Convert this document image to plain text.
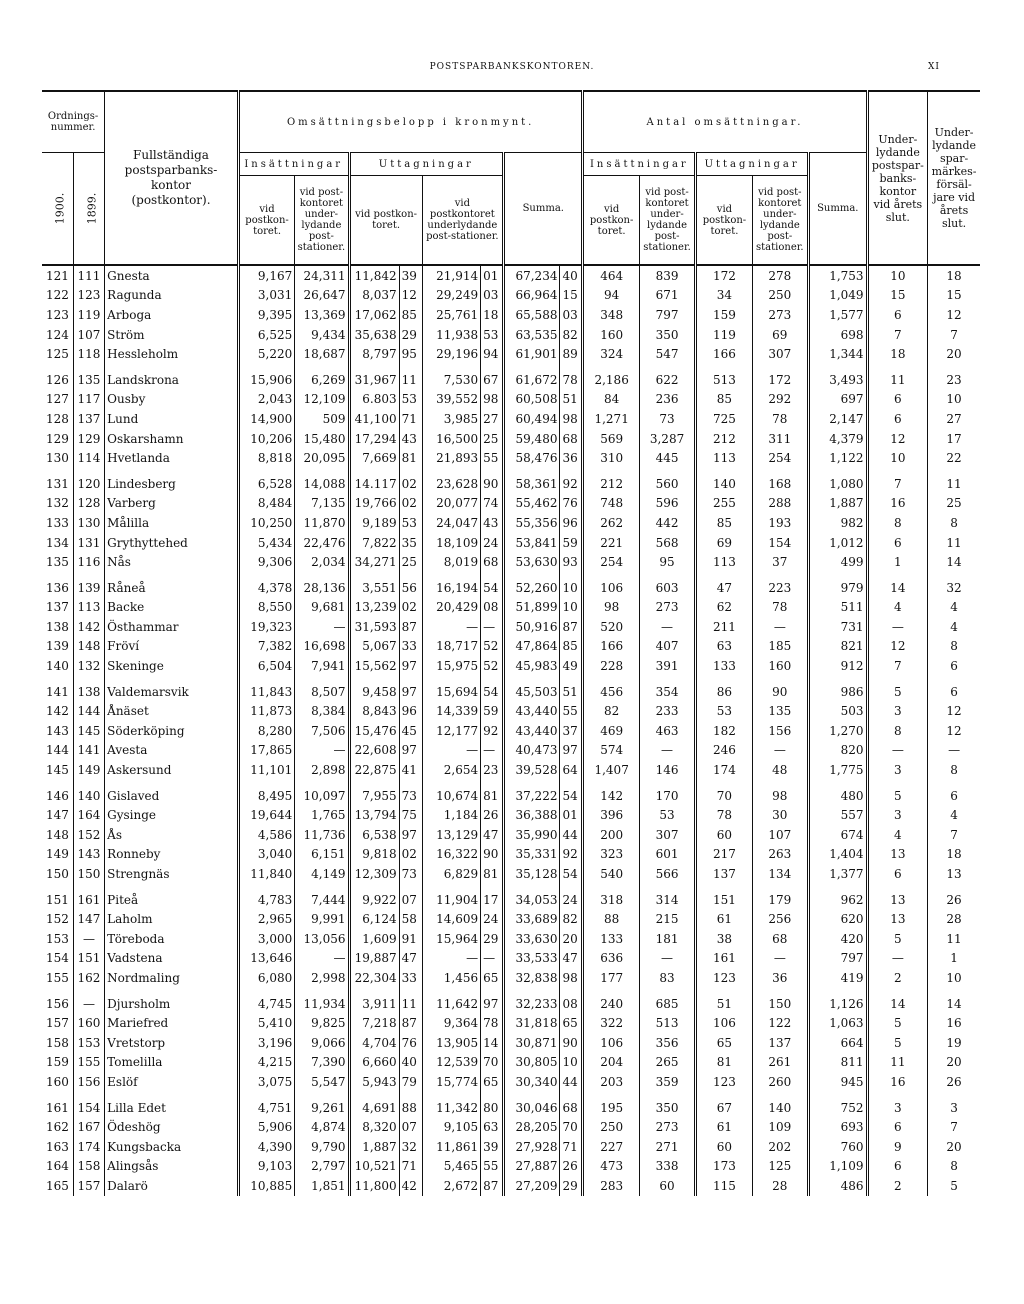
POSTSPARBANKSKONTOREN.	XI
Ordnings-nummer.		Fullständiga postsparbanks-kontor (postkontor).	Omsättningsbelopp i kronmynt.								Antal omsättningar.					Under-lydande postspar-banks-kontor vid årets slut.	Under-lydande spar-märkes-försäl-jare vid årets slut.
1900.	1899.		Insättningar		Uttagningar				Summa.		Insättningar		Uttagningar		Summa.		
			vid postkon-toret.	vid post-kontoret under-lydande post-stationer.	vid postkon-toret.		vid postkontoret underlydande post-stationer.				vid postkon-toret.	vid post-kontoret under-lydande post-stationer.	vid postkon-toret.	vid post-kontoret under-lydande post-stationer.			

121	111	Gnesta	9,167	24,311	11,842	39	21,914	01	67,234	40	464	839	172	278	1,753	10	18
122	123	Ragunda	3,031	26,647	8,037	12	29,249	03	66,964	15	94	671	34	250	1,049	15	15
123	119	Arboga	9,395	13,369	17,062	85	25,761	18	65,588	03	348	797	159	273	1,577	6	12
124	107	Ström	6,525	9,434	35,638	29	11,938	53	63,535	82	160	350	119	69	698	7	7
125	118	Hessleholm	5,220	18,687	8,797	95	29,196	94	61,901	89	324	547	166	307	1,344	18	20
126	135	Landskrona	15,906	6,269	31,967	11	7,530	67	61,672	78	2,186	622	513	172	3,493	11	23
127	117	Ousby	2,043	12,109	6.803	53	39,552	98	60,508	51	84	236	85	292	697	6	10
128	137	Lund	14,900	509	41,100	71	3,985	27	60,494	98	1,271	73	725	78	2,147	6	27
129	129	Oskarshamn	10,206	15,480	17,294	43	16,500	25	59,480	68	569	3,287	212	311	4,379	12	17
130	114	Hvetlanda	8,818	20,095	7,669	81	21,893	55	58,476	36	310	445	113	254	1,122	10	22
131	120	Lindesberg	6,528	14,088	14.117	02	23,628	90	58,361	92	212	560	140	168	1,080	7	11
132	128	Varberg	8,484	7,135	19,766	02	20,077	74	55,462	76	748	596	255	288	1,887	16	25
133	130	Målilla	10,250	11,870	9,189	53	24,047	43	55,356	96	262	442	85	193	982	8	8
134	131	Grythyttehed	5,434	22,476	7,822	35	18,109	24	53,841	59	221	568	69	154	1,012	6	11
135	116	Nås	9,306	2,034	34,271	25	8,019	68	53,630	93	254	95	113	37	499	1	14
136	139	Råneå	4,378	28,136	3,551	56	16,194	54	52,260	10	106	603	47	223	979	14	32
137	113	Backe	8,550	9,681	13,239	02	20,429	08	51,899	10	98	273	62	78	511	4	4
138	142	Östhammar	19,323	—	31,593	87	—	—	50,916	87	520	—	211	—	731	—	4
139	148	Fröví	7,382	16,698	5,067	33	18,717	52	47,864	85	166	407	63	185	821	12	8
140	132	Skeninge	6,504	7,941	15,562	97	15,975	52	45,983	49	228	391	133	160	912	7	6
141	138	Valdemarsvik	11,843	8,507	9,458	97	15,694	54	45,503	51	456	354	86	90	986	5	6
142	144	Ånäset	11,873	8,384	8,843	96	14,339	59	43,440	55	82	233	53	135	503	3	12
143	145	Söderköping	8,280	7,506	15,476	45	12,177	92	43,440	37	469	463	182	156	1,270	8	12
144	141	Avesta	17,865	—	22,608	97	—	—	40,473	97	574	—	246	—	820	—	—
145	149	Askersund	11,101	2,898	22,875	41	2,654	23	39,528	64	1,407	146	174	48	1,775	3	8
146	140	Gislaved	8,495	10,097	7,955	73	10,674	81	37,222	54	142	170	70	98	480	5	6
147	164	Gysinge	19,644	1,765	13,794	75	1,184	26	36,388	01	396	53	78	30	557	3	4
148	152	Ås	4,586	11,736	6,538	97	13,129	47	35,990	44	200	307	60	107	674	4	7
149	143	Ronneby	3,040	6,151	9,818	02	16,322	90	35,331	92	323	601	217	263	1,404	13	18
150	150	Strengnäs	11,840	4,149	12,309	73	6,829	81	35,128	54	540	566	137	134	1,377	6	13
151	161	Piteå	4,783	7,444	9,922	07	11,904	17	34,053	24	318	314	151	179	962	13	26
152	147	Laholm	2,965	9,991	6,124	58	14,609	24	33,689	82	88	215	61	256	620	13	28
153	—	Töreboda	3,000	13,056	1,609	91	15,964	29	33,630	20	133	181	38	68	420	5	11
154	151	Vadstena	13,646	—	19,887	47	—	—	33,533	47	636	—	161	—	797	—	1
155	162	Nordmaling	6,080	2,998	22,304	33	1,456	65	32,838	98	177	83	123	36	419	2	10
156	—	Djursholm	4,745	11,934	3,911	11	11,642	97	32,233	08	240	685	51	150	1,126	14	14
157	160	Mariefred	5,410	9,825	7,218	87	9,364	78	31,818	65	322	513	106	122	1,063	5	16
158	153	Vretstorp	3,196	9,066	4,704	76	13,905	14	30,871	90	106	356	65	137	664	5	19
159	155	Tomelilla	4,215	7,390	6,660	40	12,539	70	30,805	10	204	265	81	261	811	11	20
160	156	Eslöf	3,075	5,547	5,943	79	15,774	65	30,340	44	203	359	123	260	945	16	26
161	154	Lilla Edet	4,751	9,261	4,691	88	11,342	80	30,046	68	195	350	67	140	752	3	3
162	167	Ödeshög	5,906	4,874	8,320	07	9,105	63	28,205	70	250	273	61	109	693	6	7
163	174	Kungsbacka	4,390	9,790	1,887	32	11,861	39	27,928	71	227	271	60	202	760	9	20
164	158	Alingsås	9,103	2,797	10,521	71	5,465	55	27,887	26	473	338	173	125	1,109	6	8
165	157	Dalarö	10,885	1,851	11,800	42	2,672	87	27,209	29	283	60	115	28	486	2	5
